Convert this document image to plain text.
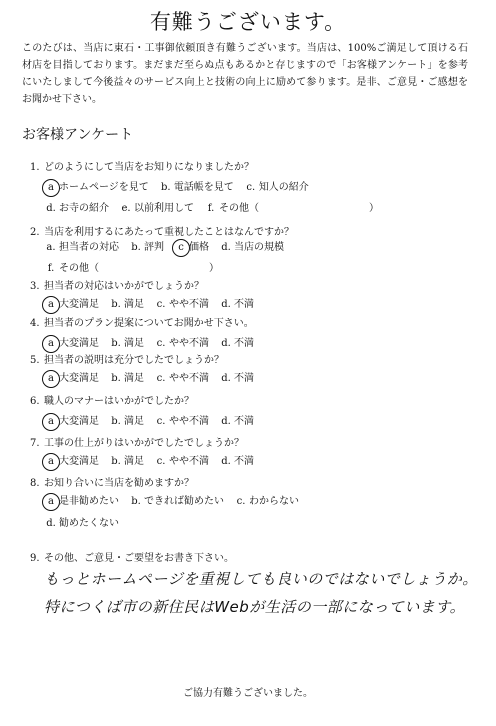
有難うございます。
このたびは、当店に東石・工事御依頼頂き有難うございます。当店は、100%ご満足して頂ける石材店を目指しております。まだまだ至らぬ点もあるかと存じますので「お客様アンケート」を参考にいたしまして今後益々のサービス向上と技術の向上に励めて参ります。是非、ご意見・ご感想をお聞かせ下さい。
お客様アンケート
1. どのようにして当店をお知りになりましたか？
a ホームページを見て b. 電話帳を見て c. 知人の紹介
d. お寺の紹介 e. 以前利用して f. その他（	）
2. 当店を利用するにあたって重視したことはなんですか？
a. 担当者の対応 b. 評判 c 価格 d. 当店の規模
f. その他（	）
3. 担当者の対応はいかがでしょうか？
a 大変満足 b. 満足 c. やや不満 d. 不満
4. 担当者のプラン提案についてお聞かせ下さい。
a 大変満足 b. 満足 c. やや不満 d. 不満
5. 担当者の説明は充分でしたでしょうか？
a 大変満足 b. 満足 c. やや不満 d. 不満
6. 職人のマナーはいかがでしたか？
a 大変満足 b. 満足 c. やや不満 d. 不満
7. 工事の仕上がりはいかがでしたでしょうか？
a 大変満足 b. 満足 c. やや不満 d. 不満
8. お知り合いに当店を勧めますか？
a 是非勧めたい b. できれば勧めたい c. わからない
d. 勧めたくない
9. その他、ご意見・ご要望をお書き下さい。
もっとホームページを重視しても良いのではないでしょうか。
特につくば市の新住民はWebが生活の一部になっています。
ご協力有難うございました。
